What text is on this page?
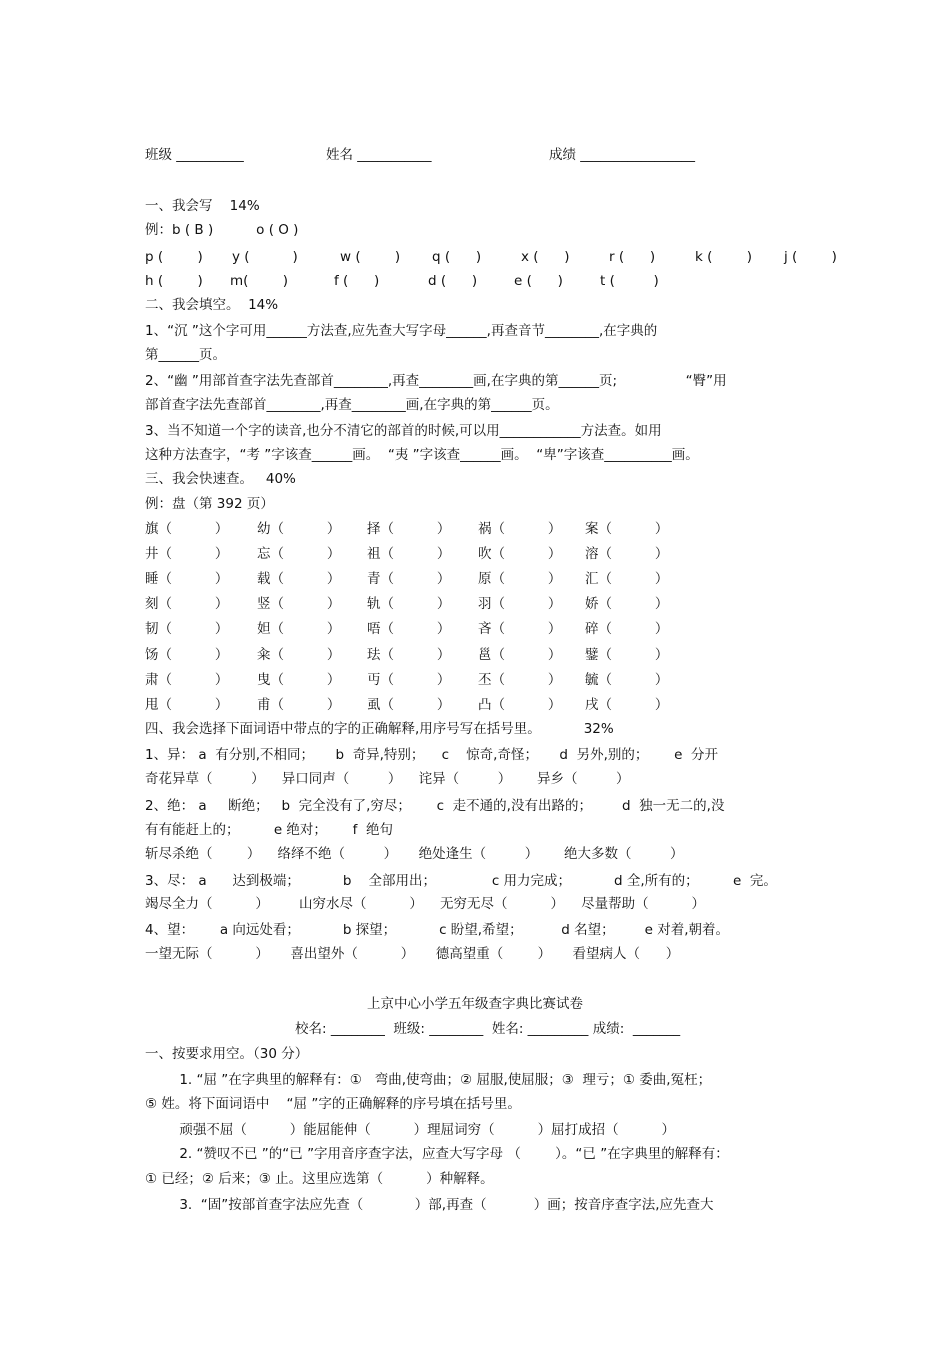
班级 __________	姓名 ___________	成绩 _________________
一、我会写    14%
例：b ( B )          o ( O )
p (        ) y (          )	w (        ) q (      )	x (      )	r (      )	k (        ) j (        )
h (        ) m(        )	f (      )	d (      )	e (      )	t (         )
二、我会填空。  14%
1、“沉 ”这个字可用______方法查,应先查大写字母______,再查音节________,在字典的
第______页。
2、“幽 ”用部首查字法先查部首________,再查________画,在字典的第______页;                “臀”用
部首查字法先查部首________,再查________画,在字典的第______页。
3、当不知道一个字的读音,也分不清它的部首的时候,可以用____________方法查。如用
这种方法查字，“考 ”字该查______画。  “夷 ”字该查______画。  “卑”字该查__________画。
三、我会快速查。   40%
例：盘（第 392 页）
旗（          ） 幼（          ） 择（          ） 祸（          ） 案（          ）
井（          ） 忘（          ） 祖（          ） 吹（          ） 溶（          ）
睡（          ） 载（          ） 青（          ） 原（          ） 汇（          ）
刻（          ） 竖（          ） 轨（          ） 羽（          ） 娇（          ）
韧（          ） 妲（          ） 唔（          ） 吝（          ） 碎（          ）
饧（          ） 籴（          ） 珐（          ） 邕（          ） 鐾（          ）
肃（          ） 曳（          ） 丏（          ） 丕（          ） 毓（          ）
甩（          ） 甫（          ） 虱（          ） 凸（          ） 戌（          ）
四、我会选择下面词语中带点的字的正确解释,用序号写在括号里。          32%
1、异： a  有分别,不相同；     b  奇异,特别；    c    惊奇,奇怪；     d  另外,别的；      e  分开
奇花异草（         ）    异口同声（         ）    诧异（         ）      异乡（         ）
2、绝： a     断绝；   b  完全没有了,穷尽；      c  走不通的,没有出路的；       d  独一无二的,没
有有能赶上的；        e 绝对；      f  绝句
斩尽杀绝（        ）    络绎不绝（         ）     绝处逢生（         ）      绝大多数（         ）
3、尽： a      达到极端；          b    全部用出；             c 用力完成；          d 全,所有的；        e  完。
竭尽全力（          ）       山穷水尽（          ）    无穷无尽（          ）    尽量帮助（          ）
4、望：      a 向远处看；          b 探望；          c 盼望,希望；         d 名望；       e 对着,朝着。
一望无际（          ）     喜出望外（          ）     德高望重（        ）     看望病人（      ）
上京中心小学五年级查字典比赛试卷
校名: ________  班级: ________  姓名: _________ 成绩:  _______
一、按要求用空。（30 分）
1. “屈 ”在字典里的解释有：①   弯曲,使弯曲；② 屈服,使屈服；③  理亏；① 委曲,冤枉；
⑤ 姓。将下面词语中    “屈 ”字的正确解释的序号填在括号里。
顽强不屈（          ）能屈能伸（          ）理屈词穷（          ）屈打成招（          ）
2. “赞叹不已 ”的“已 ”字用音序查字法，应查大写字母 （        ）。“已 ”在字典里的解释有：
① 已经；② 后来；③ 止。这里应选第（          ）种解释。
3.  “固”按部首查字法应先查（            ）部,再查（           ）画；按音序查字法,应先查大
